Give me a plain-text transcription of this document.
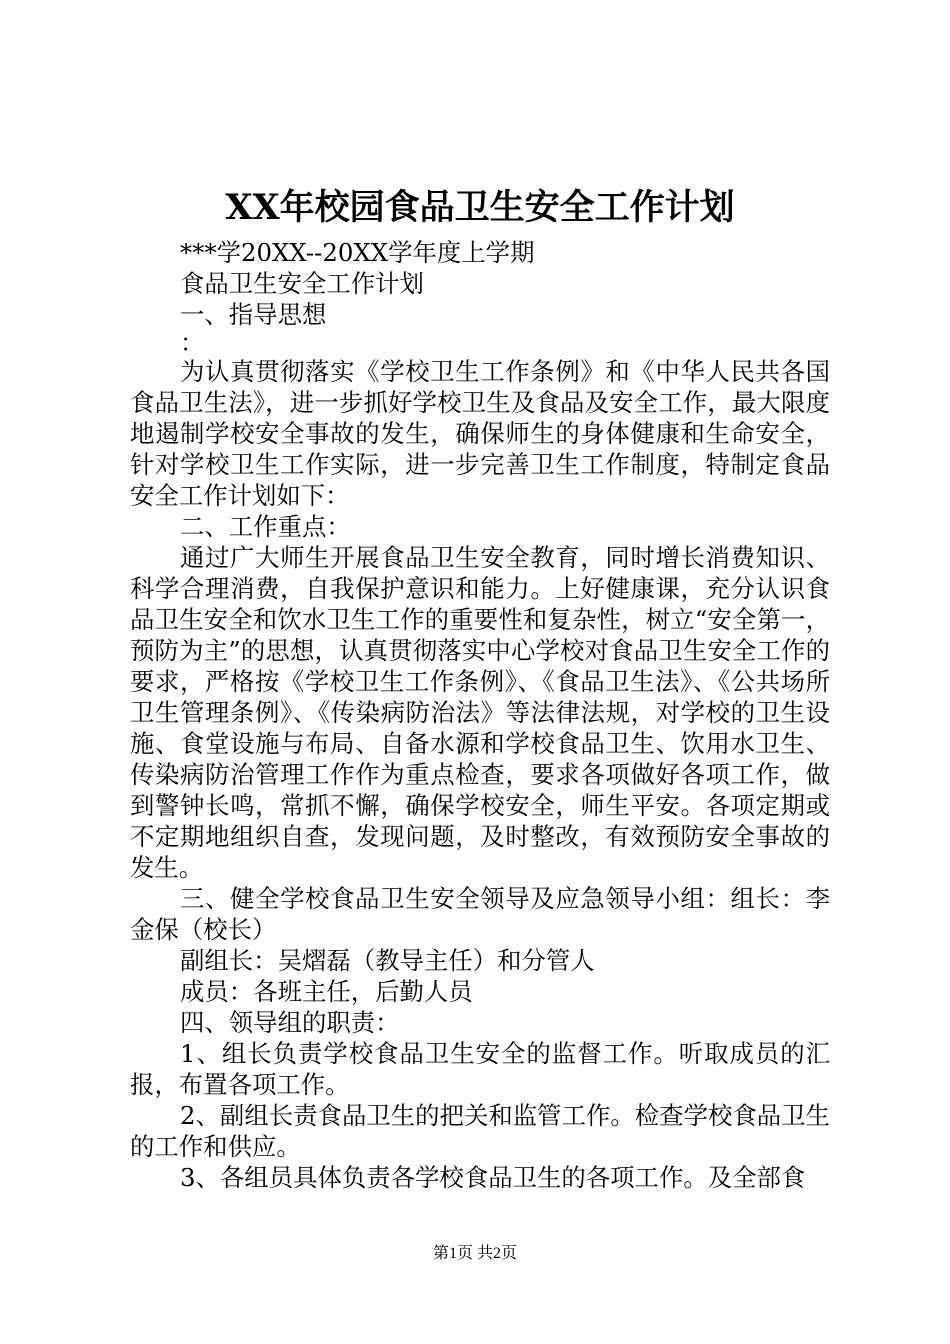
XX年校园食品卫生安全工作计划

***学20XX--20XX学年度上学期

食品卫生安全工作计划

一、指导思想

：

为认真贯彻落实《学校卫生工作条例》和《中华人民共各国食品卫生法》，进一步抓好学校卫生及食品及安全工作，最大限度地遏制学校安全事故的发生，确保师生的身体健康和生命安全，针对学校卫生工作实际，进一步完善卫生工作制度，特制定食品安全工作计划如下：

二、工作重点：

通过广大师生开展食品卫生安全教育，同时增长消费知识、科学合理消费，自我保护意识和能力。上好健康课，充分认识食品卫生安全和饮水卫生工作的重要性和复杂性，树立“安全第一，预防为主”的思想，认真贯彻落实中心学校对食品卫生安全工作的要求，严格按《学校卫生工作条例》、《食品卫生法》、《公共场所卫生管理条例》、《传染病防治法》等法律法规，对学校的卫生设施、食堂设施与布局、自备水源和学校食品卫生、饮用水卫生、传染病防治管理工作作为重点检查，要求各项做好各项工作，做到警钟长鸣，常抓不懈，确保学校安全，师生平安。各项定期或不定期地组织自查，发现问题，及时整改，有效预防安全事故的发生。

三、健全学校食品卫生安全领导及应急领导小组：组长：李金保（校长）

副组长：吴熠磊（教导主任）和分管人

成员：各班主任，后勤人员

四、领导组的职责：

1、组长负责学校食品卫生安全的监督工作。听取成员的汇报，布置各项工作。

2、副组长责食品卫生的把关和监管工作。检查学校食品卫生的工作和供应。

3、各组员具体负责各学校食品卫生的各项工作。及全部食

第1页 共2页
